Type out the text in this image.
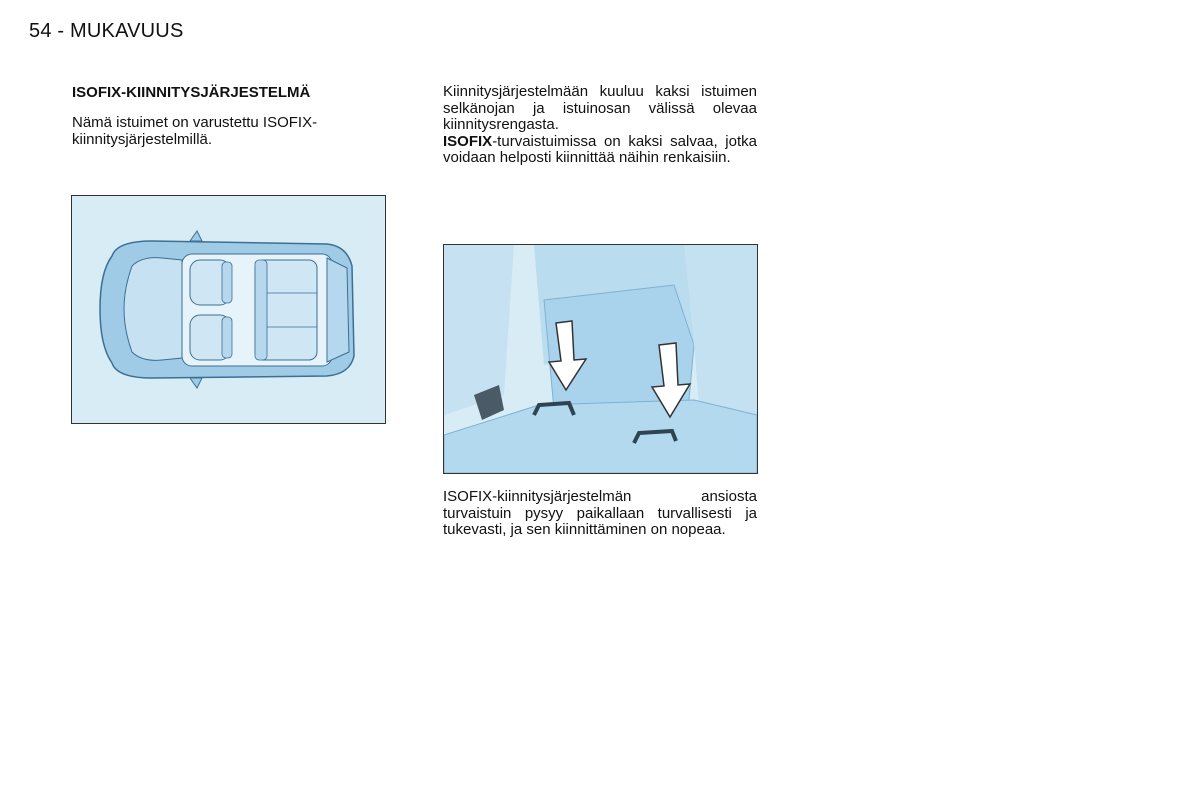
54 - MUKAVUUS

ISOFIX-KIINNITYSJÄRJESTELMÄ

Nämä istuimet on varustettu ISOFIX-kiinnitysjärjestelmillä.

Kiinnitysjärjestelmään kuuluu kaksi istuimen selkänojan ja istuinosan välissä olevaa kiinnitysrengasta.

ISOFIX-turvaistuimissa on kaksi salvaa, jotka voidaan helposti kiinnittää näihin renkaisiin.

ISOFIX-kiinnitysjärjestelmän ansiosta turvaistuin pysyy paikallaan turvallisesti ja tukevasti, ja sen kiinnittäminen on nopeaa.
